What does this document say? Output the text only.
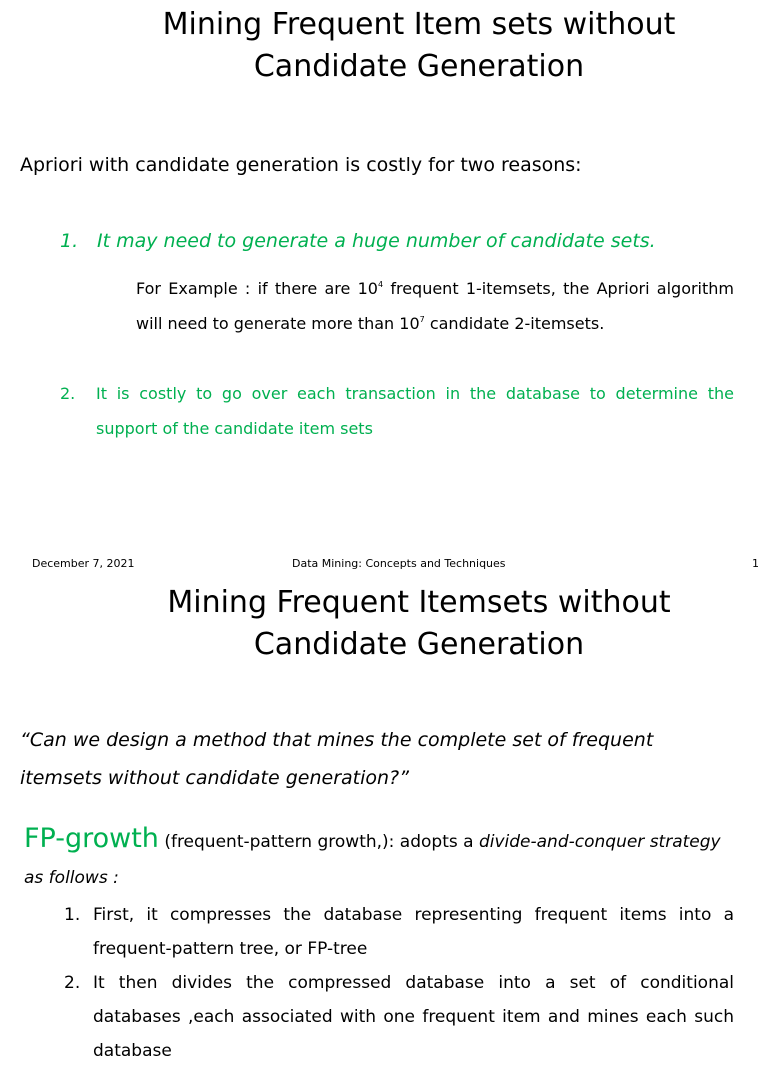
Mining Frequent Item sets without
Candidate Generation

Apriori with candidate generation is costly for two reasons:

1. It may need to generate a huge number of candidate sets.

For Example : if there are $10^4$ frequent 1-itemsets, the Apriori algorithm will need to generate more than $10^7$ candidate 2-itemsets.

2. It is costly to go over each transaction in the database to determine the support of the candidate item sets

December 7, 2021	Data Mining: Concepts and Techniques	1

Mining Frequent Itemsets without
Candidate Generation

“Can we design a method that mines the complete set of frequent itemsets without candidate generation?”

FP-growth (frequent-pattern growth,): adopts a divide-and-conquer strategy
as follows :

1. First, it compresses the database representing frequent items into a frequent-pattern tree, or FP-tree
2. It then divides the compressed database into a set of conditional databases ,each associated with one frequent item and mines each such database
